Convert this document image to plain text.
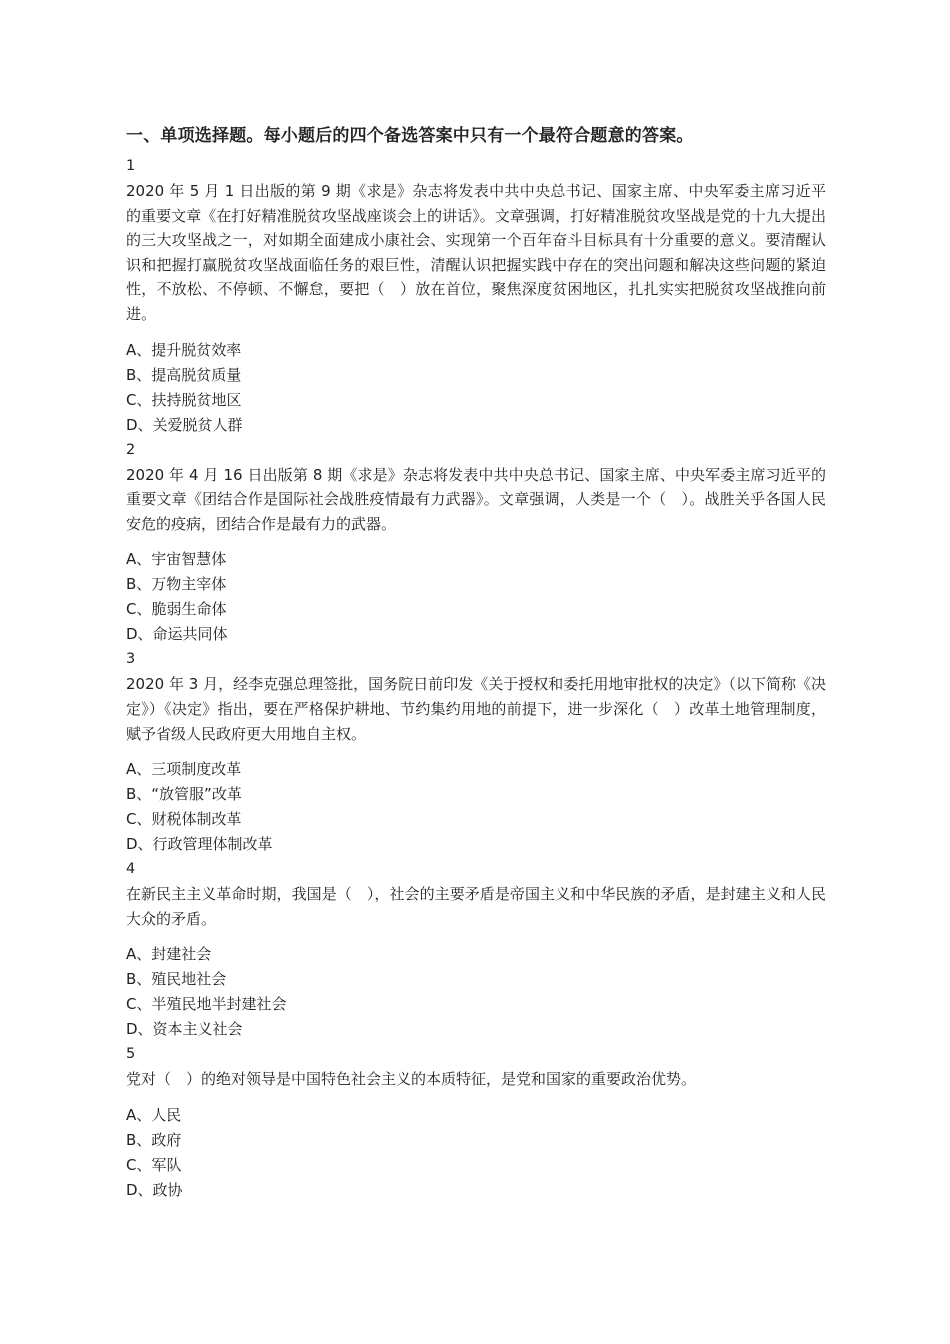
一、单项选择题。每小题后的四个备选答案中只有一个最符合题意的答案。

1

2020 年 5 月 1 日出版的第 9 期《求是》杂志将发表中共中央总书记、国家主席、中央军委主席习近平的重要文章《在打好精准脱贫攻坚战座谈会上的讲话》。文章强调，打好精准脱贫攻坚战是党的十九大提出的三大攻坚战之一，对如期全面建成小康社会、实现第一个百年奋斗目标具有十分重要的意义。要清醒认识和把握打赢脱贫攻坚战面临任务的艰巨性，清醒认识把握实践中存在的突出问题和解决这些问题的紧迫性，不放松、不停顿、不懈怠，要把（　）放在首位，聚焦深度贫困地区，扎扎实实把脱贫攻坚战推向前进。

A、提升脱贫效率

B、提高脱贫质量

C、扶持脱贫地区

D、关爱脱贫人群

2

2020 年 4 月 16 日出版第 8 期《求是》杂志将发表中共中央总书记、国家主席、中央军委主席习近平的重要文章《团结合作是国际社会战胜疫情最有力武器》。文章强调，人类是一个（　）。战胜关乎各国人民安危的疫病，团结合作是最有力的武器。

A、宇宙智慧体

B、万物主宰体

C、脆弱生命体

D、命运共同体

3

2020 年 3 月，经李克强总理签批，国务院日前印发《关于授权和委托用地审批权的决定》（以下简称《决定》）《决定》指出，要在严格保护耕地、节约集约用地的前提下，进一步深化（　）改革土地管理制度，赋予省级人民政府更大用地自主权。

A、三项制度改革

B、“放管服”改革

C、财税体制改革

D、行政管理体制改革

4

在新民主主义革命时期，我国是（　），社会的主要矛盾是帝国主义和中华民族的矛盾，是封建主义和人民大众的矛盾。

A、封建社会

B、殖民地社会

C、半殖民地半封建社会

D、资本主义社会

5

党对（　）的绝对领导是中国特色社会主义的本质特征，是党和国家的重要政治优势。

A、人民

B、政府

C、军队

D、政协
